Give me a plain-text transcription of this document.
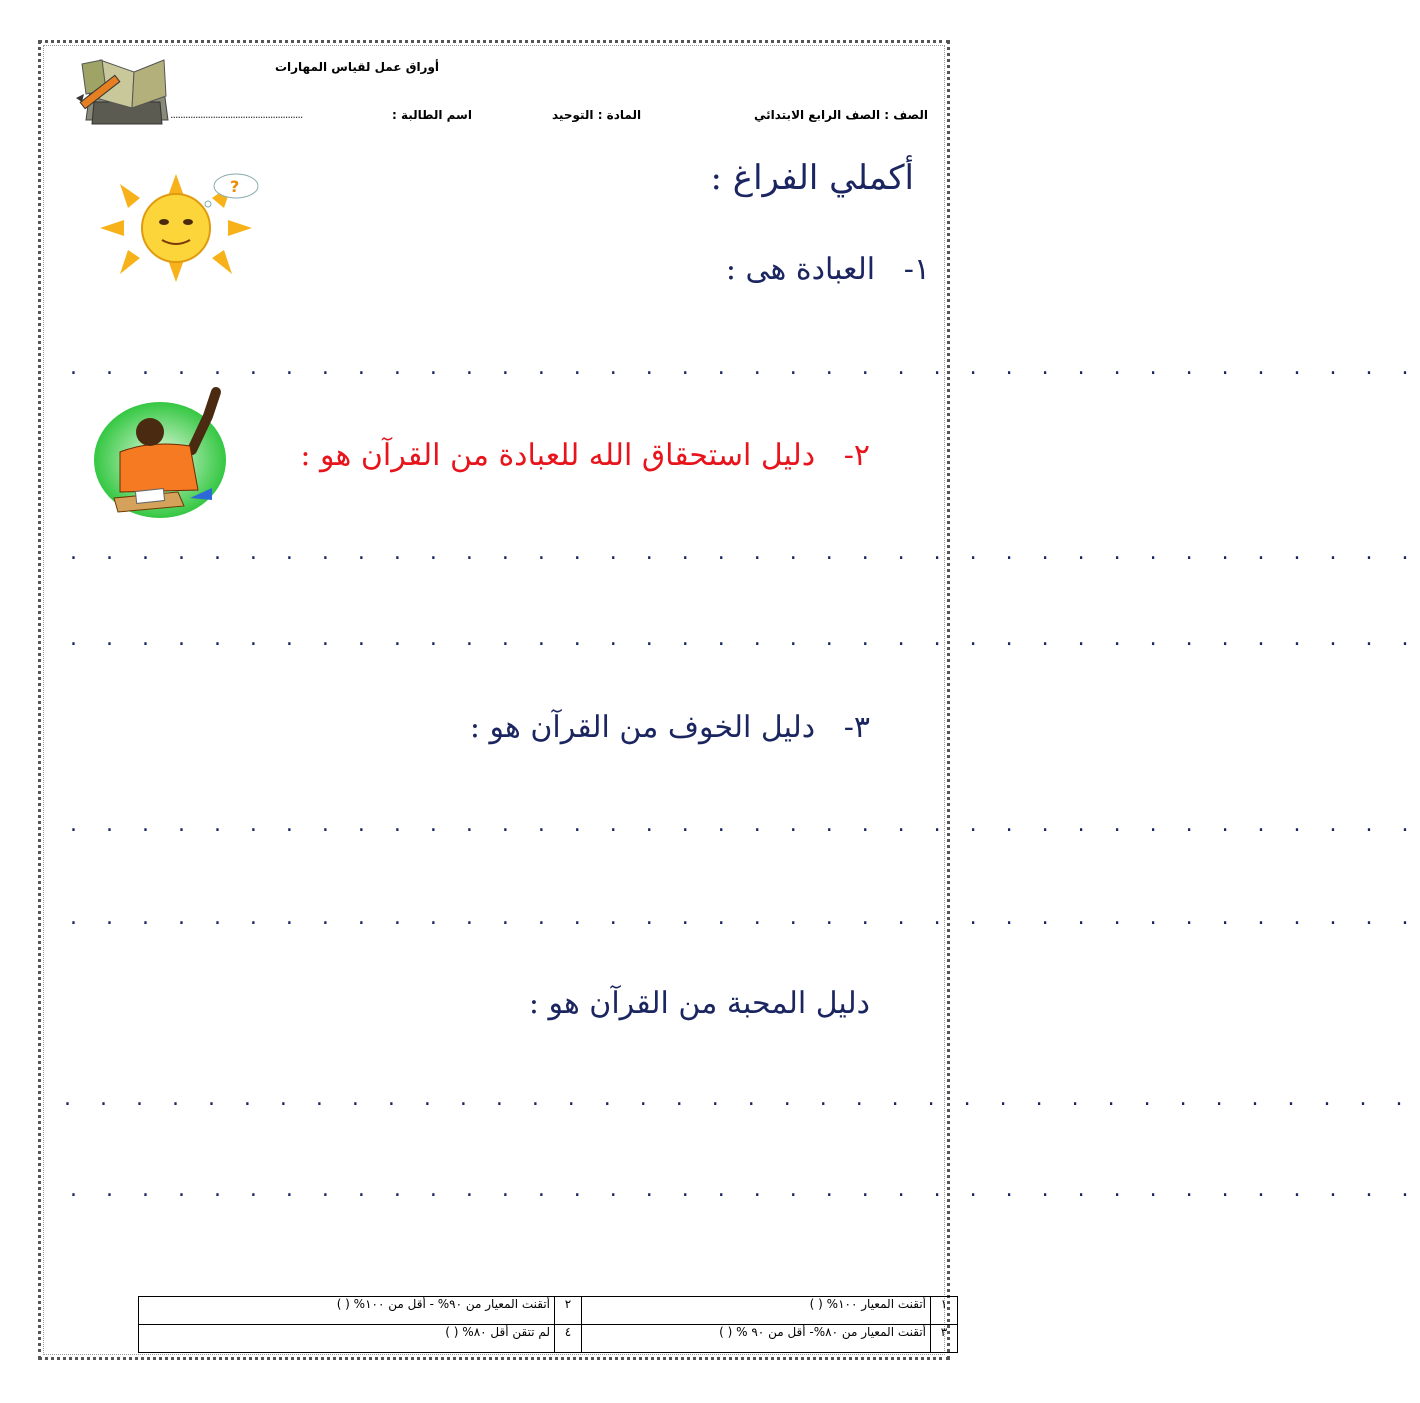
أوراق عمل لقياس المهارات
الصف : الصف الرابع الابتدائي
المادة : التوحيد
اسم الطالبة :
.....................................................
أكملي الفراغ :
?
١-   العبادة هى :
. . . . . . . . . . . . . . . . . . . . . . . . . . . . . . . . . . . . . .
٢-   دليل استحقاق الله للعبادة من القرآن هو :
. . . . . . . . . . . . . . . . . . . . . . . . . . . . . . . . . . . . . .
. . . . . . . . . . . . . . . . . . . . . . . . . . . . . . . . . . . . . .
٣-   دليل الخوف من القرآن هو :
. . . . . . . . . . . . . . . . . . . . . . . . . . . . . . . . . . . . . .
. . . . . . . . . . . . . . . . . . . . . . . . . . . . . . . . . . . . . .
دليل المحبة من القرآن هو :
. . . . . . . . . . . . . . . . . . . . . . . . . . . . . . . . . . . . . .
. . . . . . . . . . . . . . . . . . . . . . . . . . . . . . . . . . . . . .
١	أتقنت المعيار ١٠٠% ( )	٢	أتقنت المعيار من ٩٠% - أقل من ١٠٠% ( )
٣	أتقنت المعيار من ٨٠%- أقل من ٩٠ % ( )	٤	لم تتقن أقل ٨٠% ( )
